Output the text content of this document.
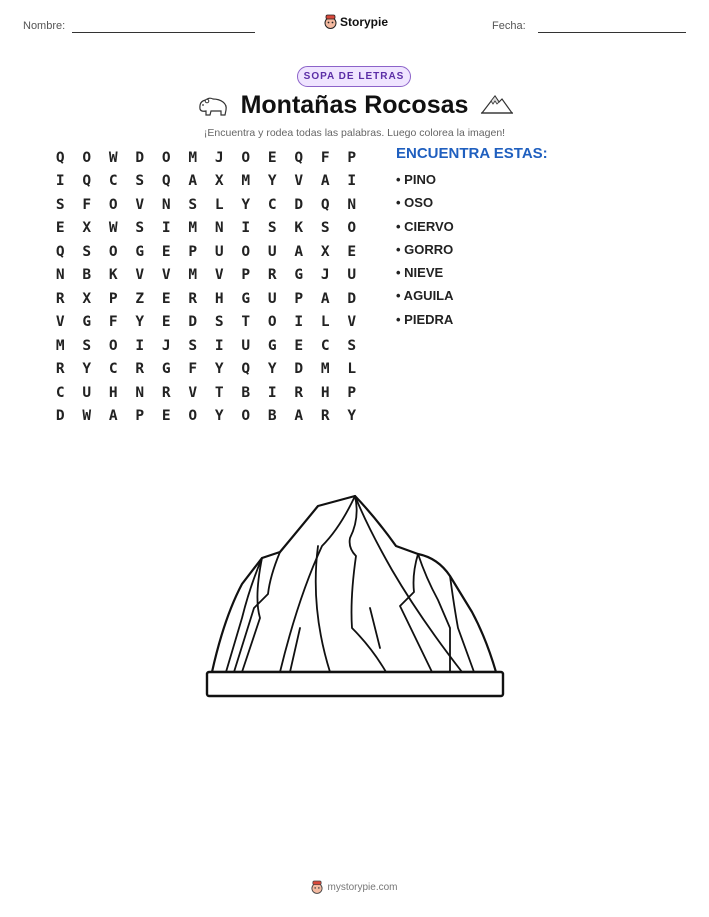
Nombre:	Storypie	Fecha:
SOPA DE LETRAS
Montañas Rocosas
¡Encuentra y rodea todas las palabras. Luego colorea la imagen!
Q	O	W	D	O	M	J	O	E	Q	F	P
I	Q	C	S	Q	A	X	M	Y	V	A	I
S	F	O	V	N	S	L	Y	C	D	Q	N
E	X	W	S	I	M	N	I	S	K	S	O
Q	S	O	G	E	P	U	O	U	A	X	E
N	B	K	V	V	M	V	P	R	G	J	U
R	X	P	Z	E	R	H	G	U	P	A	D
V	G	F	Y	E	D	S	T	O	I	L	V
M	S	O	I	J	S	I	U	G	E	C	S
R	Y	C	R	G	F	Y	Q	Y	D	M	L
C	U	H	N	R	V	T	B	I	R	H	P
D	W	A	P	E	O	Y	O	B	A	R	Y
ENCUENTRA ESTAS:
• PINO
• OSO
• CIERVO
• GORRO
• NIEVE
• AGUILA
• PIEDRA
mystorypie.com
